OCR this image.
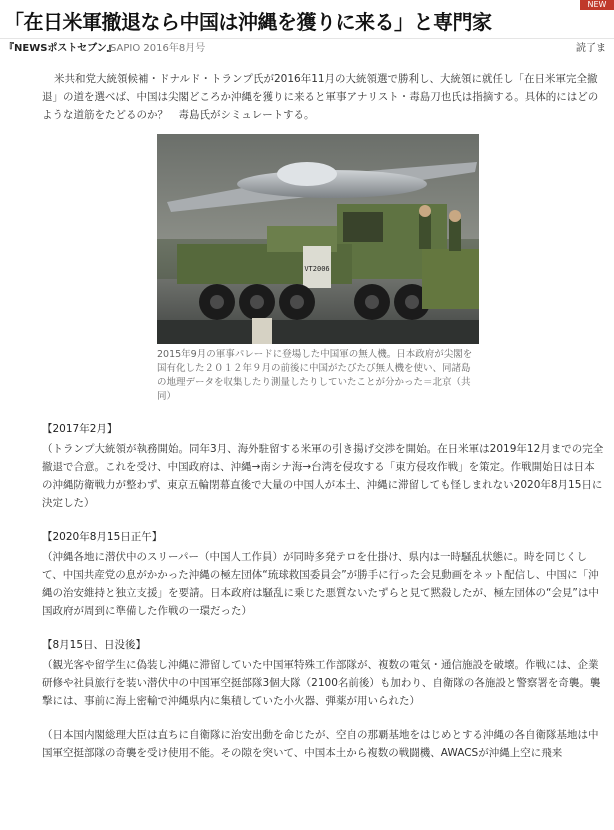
「在日米軍撤退なら中国は沖縄を獲りに来る」と専門家
NEW
『NEWSポストセブン』
SAPIO 2016年8月号	読了ま
米共和党大統領候補・ドナルド・トランプ氏が2016年11月の大統領選で勝利し、大統領に就任し「在日米軍完全撤退」の道を選べば、中国は尖閣どころか沖縄を獲りに来ると軍事アナリスト・毒島刀也氏は指摘する。具体的にはどのような道筋をたどるのか？　毒島氏がシミュレートする。
VT2006
2015年9月の軍事パレードに登場した中国軍の無人機。日本政府が尖閣を国有化した２０１２年９月の前後に中国がたびたび無人機を使い、同諸島の地理データを収集したり測量したりしていたことが分かった＝北京（共同）
【2017年2月】
（トランプ大統領が執務開始。同年3月、海外駐留する米軍の引き揚げ交渉を開始。在日米軍は2019年12月までの完全撤退で合意。これを受け、中国政府は、沖縄→南シナ海→台湾を侵攻する「東方侵攻作戦」を策定。作戦開始日は日本の沖縄防衛戦力が整わず、東京五輪閉幕直後で大量の中国人が本土、沖縄に滞留しても怪しまれない2020年8月15日に決定した）
【2020年8月15日正午】
（沖縄各地に潜伏中のスリーパー（中国人工作員）が同時多発テロを仕掛け、県内は一時騒乱状態に。時を同じくして、中国共産党の息がかかった沖縄の極左団体“琉球救国委員会”が勝手に行った会見動画をネット配信し、中国に「沖縄の治安維持と独立支援」を要請。日本政府は騒乱に乗じた悪質ないたずらと見て黙殺したが、極左団体の“会見”は中国政府が周到に準備した作戦の一環だった）
【8月15日、日没後】
（観光客や留学生に偽装し沖縄に滞留していた中国軍特殊工作部隊が、複数の電気・通信施設を破壊。作戦には、企業研修や社員旅行を装い潜伏中の中国軍空挺部隊3個大隊（2100名前後）も加わり、自衛隊の各施設と警察署を奇襲。襲撃には、事前に海上密輸で沖縄県内に集積していた小火器、弾薬が用いられた）
（日本国内閣総理大臣は直ちに自衛隊に治安出動を命じたが、空自の那覇基地をはじめとする沖縄の各自衛隊基地は中国軍空挺部隊の奇襲を受け使用不能。その隙を突いて、中国本土から複数の戦闘機、AWACSが沖縄上空に飛来
